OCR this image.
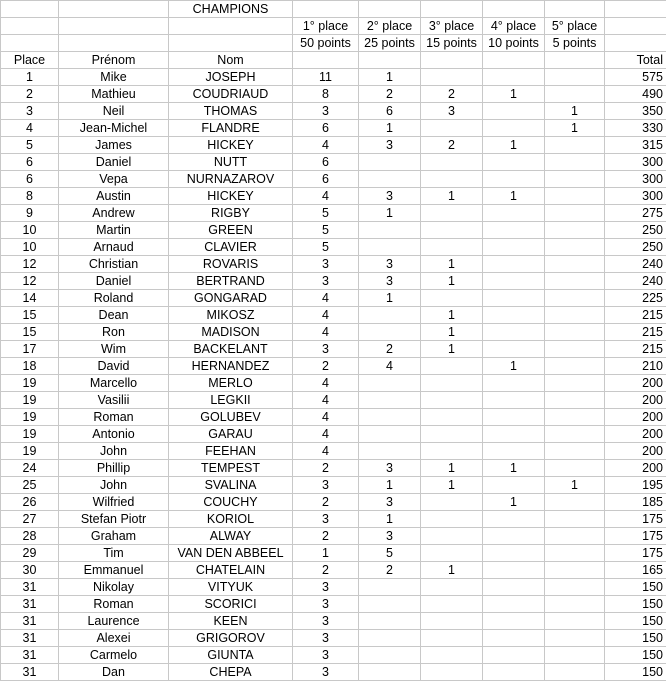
		CHAMPIONS						
			1° place	2° place	3° place	4° place	5° place	
			50 points	25 points	15 points	10 points	5 points	
Place	Prénom	Nom						Total
1	Mike	JOSEPH	11	1				575
2	Mathieu	COUDRIAUD	8	2	2	1		490
3	Neil	THOMAS	3	6	3		1	350
4	Jean-Michel	FLANDRE	6	1			1	330
5	James	HICKEY	4	3	2	1		315
6	Daniel	NUTT	6					300
6	Vepa	NURNAZAROV	6					300
8	Austin	HICKEY	4	3	1	1		300
9	Andrew	RIGBY	5	1				275
10	Martin	GREEN	5					250
10	Arnaud	CLAVIER	5					250
12	Christian	ROVARIS	3	3	1			240
12	Daniel	BERTRAND	3	3	1			240
14	Roland	GONGARAD	4	1				225
15	Dean	MIKOSZ	4		1			215
15	Ron	MADISON	4		1			215
17	Wim	BACKELANT	3	2	1			215
18	David	HERNANDEZ	2	4		1		210
19	Marcello	MERLO	4					200
19	Vasilii	LEGKII	4					200
19	Roman	GOLUBEV	4					200
19	Antonio	GARAU	4					200
19	John	FEEHAN	4					200
24	Phillip	TEMPEST	2	3	1	1		200
25	John	SVALINA	3	1	1		1	195
26	Wilfried	COUCHY	2	3		1		185
27	Stefan Piotr	KORIOL	3	1				175
28	Graham	ALWAY	2	3				175
29	Tim	VAN DEN ABBEEL	1	5				175
30	Emmanuel	CHATELAIN	2	2	1			165
31	Nikolay	VITYUK	3					150
31	Roman	SCORICI	3					150
31	Laurence	KEEN	3					150
31	Alexei	GRIGOROV	3					150
31	Carmelo	GIUNTA	3					150
31	Dan	CHEPA	3					150
